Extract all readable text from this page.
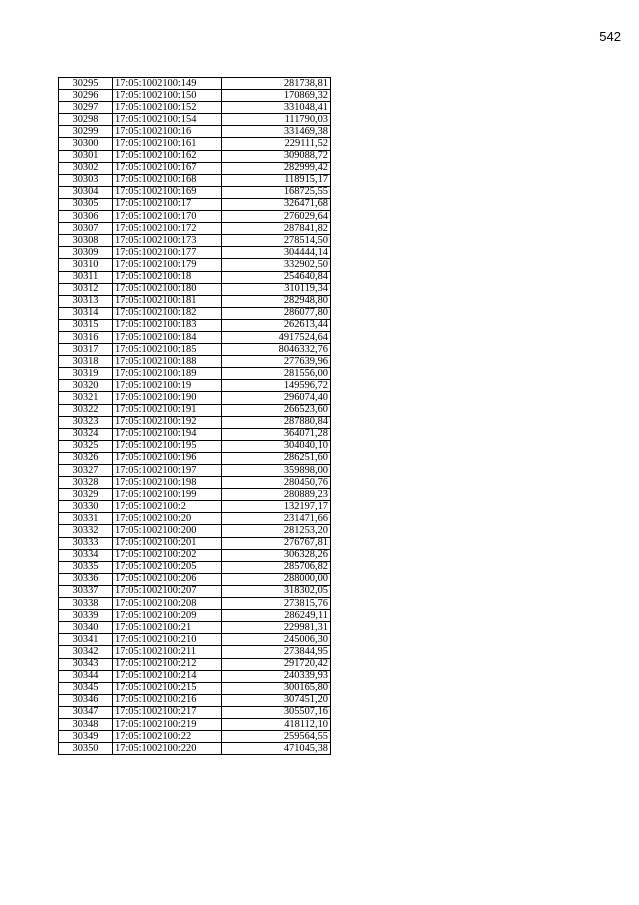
542
30295	17:05:1002100:149	281738,81
30296	17:05:1002100:150	170869,32
30297	17:05:1002100:152	331048,41
30298	17:05:1002100:154	111790,03
30299	17:05:1002100:16	331469,38
30300	17:05:1002100:161	229111,52
30301	17:05:1002100:162	309088,72
30302	17:05:1002100:167	282999,42
30303	17:05:1002100:168	118915,17
30304	17:05:1002100:169	168725,55
30305	17:05:1002100:17	326471,68
30306	17:05:1002100:170	276029,64
30307	17:05:1002100:172	287841,82
30308	17:05:1002100:173	278514,50
30309	17:05:1002100:177	304444,14
30310	17:05:1002100:179	332902,50
30311	17:05:1002100:18	254640,84
30312	17:05:1002100:180	310119,34
30313	17:05:1002100:181	282948,80
30314	17:05:1002100:182	286077,80
30315	17:05:1002100:183	262613,44
30316	17:05:1002100:184	4917524,64
30317	17:05:1002100:185	8046332,76
30318	17:05:1002100:188	277639,96
30319	17:05:1002100:189	281556,00
30320	17:05:1002100:19	149596,72
30321	17:05:1002100:190	296074,40
30322	17:05:1002100:191	266523,60
30323	17:05:1002100:192	287880,84
30324	17:05:1002100:194	364071,28
30325	17:05:1002100:195	304040,10
30326	17:05:1002100:196	286251,60
30327	17:05:1002100:197	359898,00
30328	17:05:1002100:198	280450,76
30329	17:05:1002100:199	280889,23
30330	17:05:1002100:2	132197,17
30331	17:05:1002100:20	231471,66
30332	17:05:1002100:200	281253,20
30333	17:05:1002100:201	276767,81
30334	17:05:1002100:202	306328,26
30335	17:05:1002100:205	285706,82
30336	17:05:1002100:206	288000,00
30337	17:05:1002100:207	318302,05
30338	17:05:1002100:208	273815,76
30339	17:05:1002100:209	286249,11
30340	17:05:1002100:21	229981,31
30341	17:05:1002100:210	245006,30
30342	17:05:1002100:211	273844,95
30343	17:05:1002100:212	291720,42
30344	17:05:1002100:214	240339,93
30345	17:05:1002100:215	300165,80
30346	17:05:1002100:216	307451,20
30347	17:05:1002100:217	305507,16
30348	17:05:1002100:219	418112,10
30349	17:05:1002100:22	259564,55
30350	17:05:1002100:220	471045,38
